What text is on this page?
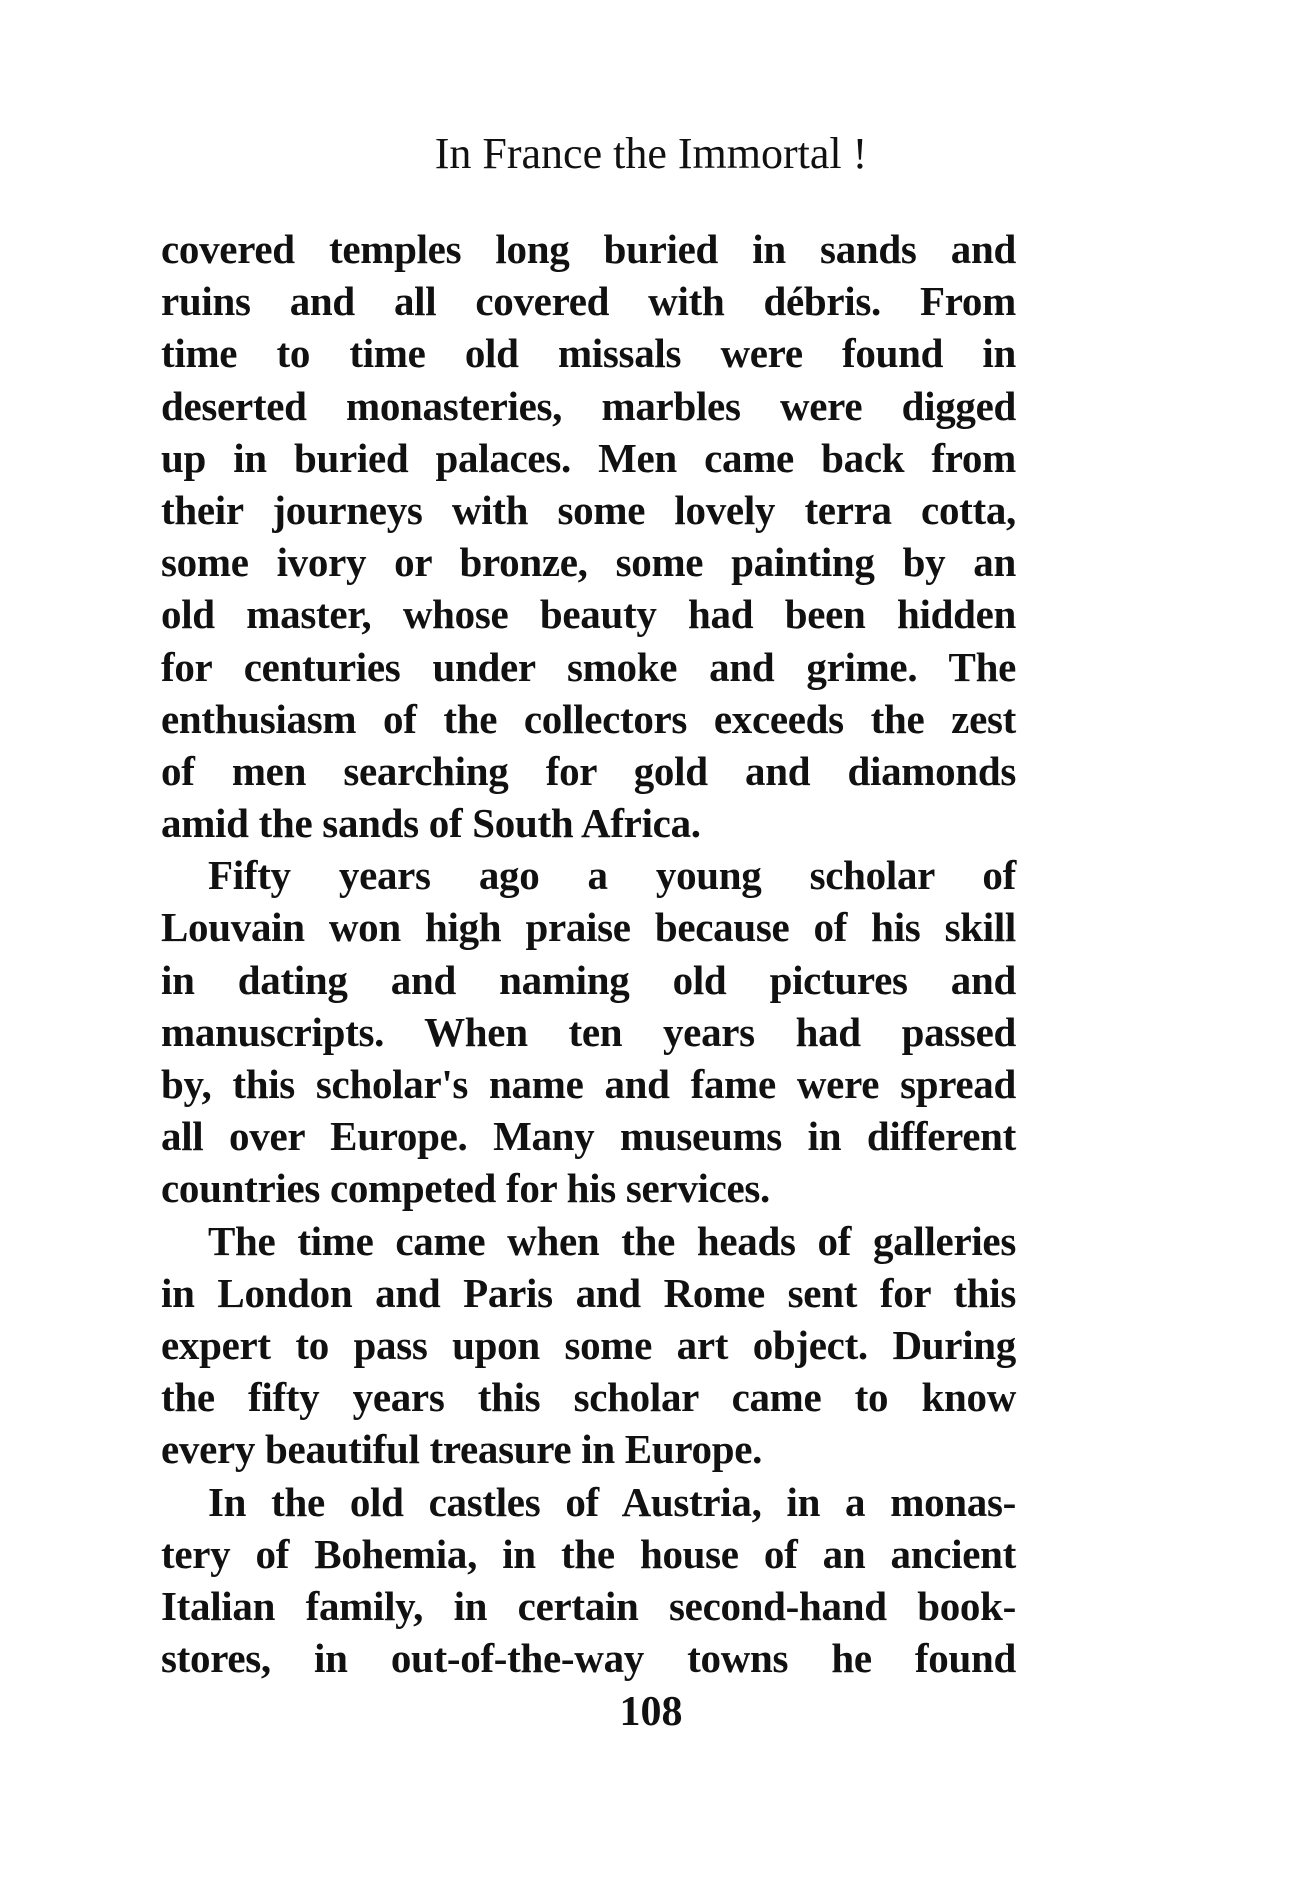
In France the Immortal !
covered temples long buried in sands and
ruins and all covered with débris. From
time to time old missals were found in
deserted monasteries, marbles were digged
up in buried palaces. Men came back from
their journeys with some lovely terra cotta,
some ivory or bronze, some painting by an
old master, whose beauty had been hidden
for centuries under smoke and grime. The
enthusiasm of the collectors exceeds the zest
of men searching for gold and diamonds
amid the sands of South Africa.
Fifty years ago a young scholar of
Louvain won high praise because of his skill
in dating and naming old pictures and
manuscripts. When ten years had passed
by, this scholar's name and fame were spread
all over Europe. Many museums in different
countries competed for his services.
The time came when the heads of galleries
in London and Paris and Rome sent for this
expert to pass upon some art object. During
the fifty years this scholar came to know
every beautiful treasure in Europe.
In the old castles of Austria, in a monas-
tery of Bohemia, in the house of an ancient
Italian family, in certain second-hand book-
stores, in out-of-the-way towns he found
108
